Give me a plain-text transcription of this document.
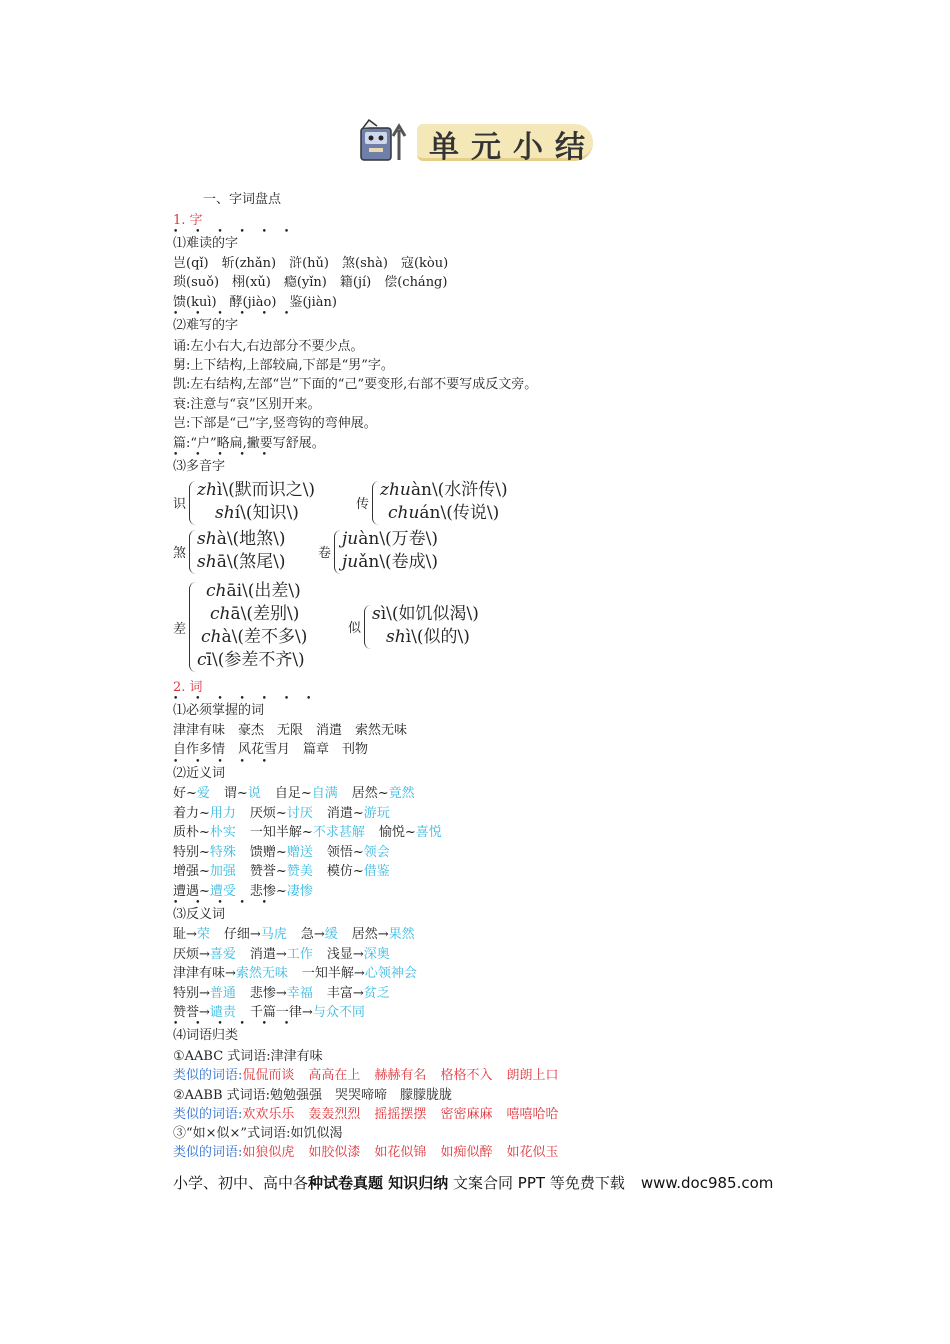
单元小结
一、字词盘点
1. 字
• • • • • •
⑴难读的字
岂(qǐ)　斩(zhǎn)　浒(hǔ)　煞(shà)　寇(kòu)
琐(suǒ)　栩(xǔ)　瘾(yǐn)　籍(jí)　偿(cháng)
馈(kuì)　酵(jiào)　鉴(jiàn)
• • • • • •
⑵难写的字
诵:左小右大,右边部分不要少点。
舅:上下结构,上部较扁,下部是“男”字。
凯:左右结构,左部“岂”下面的“己”要变形,右部不要写成反文旁。
衰:注意与“哀”区别开来。
岂:下部是“己”字,竖弯钩的弯伸展。
篇:“户”略扁,撇要写舒展。
• • • • •
⑶多音字
识
zhì\(默而识之\)
shí\(知识\)	传
zhuàn\(水浒传\)
chuán\(传说\)
煞
shà\(地煞\)
shā\(煞尾\) 卷
juàn\(万卷\)
juǎn\(卷成\)
差
chāi\(出差\)
chā\(差别\)
chà\(差不多\)
cī\(参差不齐\)
似
sì\(如饥似渴\)
shì\(似的\)
2. 词
• • • • • • •
⑴必须掌握的词
津津有味　豪杰　无限　消遣　索然无味
自作多情　风花雪月　篇章　刊物
• • • • •
⑵近义词
好~爱 谓~说 自足~自满 居然~竟然
着力~用力 厌烦~讨厌 消遣~游玩
质朴~朴实 一知半解~不求甚解 愉悦~喜悦
特别~特殊 馈赠~赠送 领悟~领会
增强~加强 赞誉~赞美 模仿~借鉴
遭遇~遭受 悲惨~凄惨
• • • • •
⑶反义词
耻→荣 仔细→马虎 急→缓 居然→果然
厌烦→喜爱 消遣→工作 浅显→深奥
津津有味→索然无味 一知半解→心领神会
特别→普通 悲惨→幸福 丰富→贫乏
赞誉→谴责 千篇一律→与众不同
• • • • • •
⑷词语归类
①AABC 式词语:津津有味
类似的词语:侃侃而谈 高高在上 赫赫有名 格格不入 朗朗上口
②AABB 式词语:勉勉强强　哭哭啼啼　朦朦胧胧
类似的词语:欢欢乐乐 轰轰烈烈 摇摇摆摆 密密麻麻 嘻嘻哈哈
③“如×似×”式词语:如饥似渴
类似的词语:如狼似虎 如胶似漆 如花似锦 如痴似醉 如花似玉
小学、初中、高中各种试卷真题 知识归纳 文案合同 PPT 等免费下载 www.doc985.com
